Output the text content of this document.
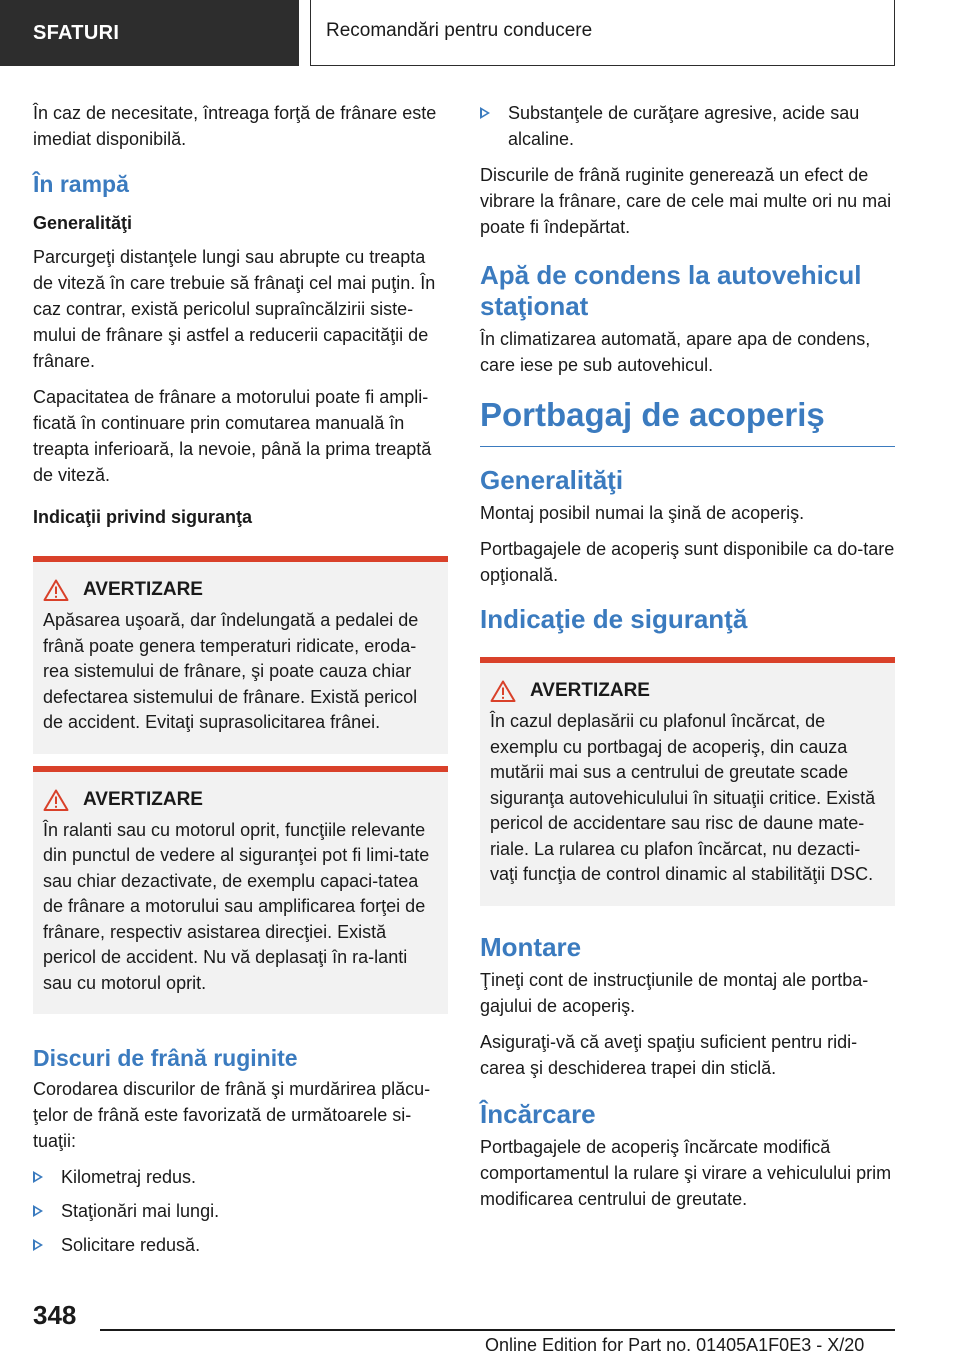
SFATURI	Recomandări pentru conducere

În caz de necesitate, întreaga forţă de frânare este imediat disponibilă.

În rampă
Generalităţi

Parcurgeţi distanţele lungi sau abrupte cu treapta de viteză în care trebuie să frânaţi cel mai puţin. În caz contrar, există pericolul supraîncălzirii siste‐mului de frânare şi astfel a reducerii capacităţii de frânare.

Capacitatea de frânare a motorului poate fi ampli‐ficată în continuare prin comutarea manuală în treapta inferioară, la nevoie, până la prima treaptă de viteză.

Indicaţii privind siguranţa
AVERTIZARE

Apăsarea uşoară, dar îndelungată a pedalei de frână poate genera temperaturi ridicate, eroda‐rea sistemului de frânare, şi poate cauza chiar defectarea sistemului de frânare. Există pericol de accident. Evitaţi suprasolicitarea frânei.

AVERTIZARE

În ralanti sau cu motorul oprit, funcţiile relevante din punctul de vedere al siguranţei pot fi limi‐tate sau chiar dezactivate, de exemplu capaci‐tatea de frânare a motorului sau amplificarea forţei de frânare, respectiv asistarea direcţiei. Există pericol de accident. Nu vă deplasaţi în ra‐lanti sau cu motorul oprit.

Discuri de frână ruginite

Corodarea discurilor de frână şi murdărirea plăcu‐ţelor de frână este favorizată de următoarele si‐tuaţii:

Kilometraj redus.
Staţionări mai lungi.
Solicitare redusă.
Substanţele de curăţare agresive, acide sau alcaline.

Discurile de frână ruginite generează un efect de vibrare la frânare, care de cele mai multe ori nu mai poate fi îndepărtat.

Apă de condens la autovehicul staţionat

În climatizarea automată, apare apa de condens, care iese pe sub autovehicul.

Portbagaj de acoperiş
Generalităţi

Montaj posibil numai la şină de acoperiş.

Portbagajele de acoperiş sunt disponibile ca do‐tare opţională.

Indicaţie de siguranţă
AVERTIZARE

În cazul deplasării cu plafonul încărcat, de exemplu cu portbagaj de acoperiş, din cauza mutării mai sus a centrului de greutate scade siguranţa autovehiculului în situaţii critice. Există pericol de accidentare sau risc de daune mate‐riale. La rularea cu plafon încărcat, nu dezacti‐vaţi funcţia de control dinamic al stabilităţii DSC.

Montare

Ţineţi cont de instrucţiunile de montaj ale portba‐gajului de acoperiş.

Asiguraţi-vă că aveţi spaţiu suficient pentru ridi‐carea şi deschiderea trapei din sticlă.

Încărcare

Portbagajele de acoperiş încărcate modifică comportamentul la rulare şi virare a vehiculului prim modificarea centrului de greutate.

348
Online Edition for Part no. 01405A1F0E3 - X/20
